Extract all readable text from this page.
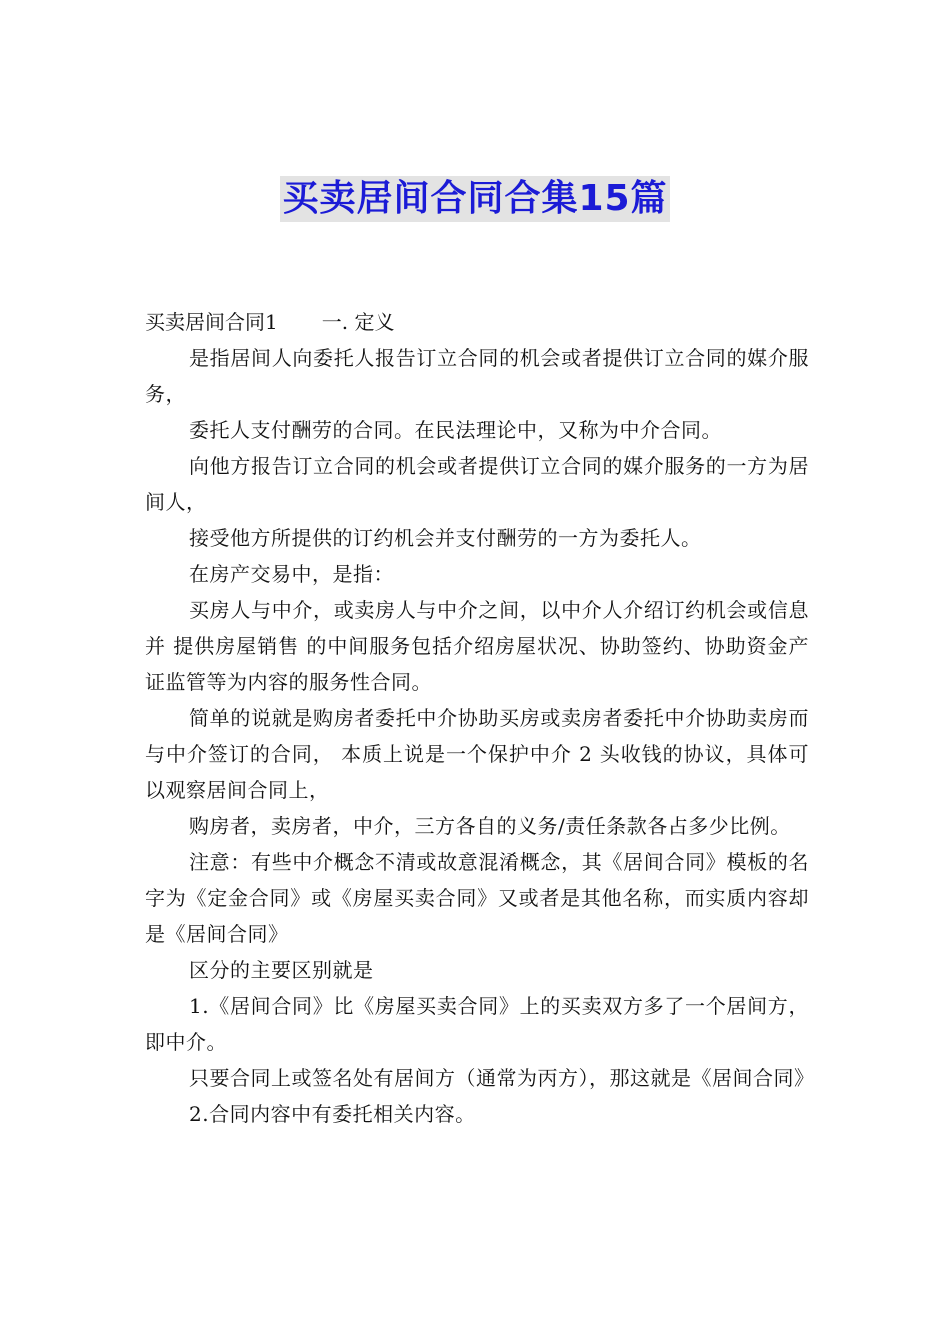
买卖居间合同合集15篇
买卖居间合同1 一. 定义

是指居间人向委托人报告订立合同的机会或者提供订立合同的媒介服务，

委托人支付酬劳的合同。在民法理论中，又称为中介合同。

向他方报告订立合同的机会或者提供订立合同的媒介服务的一方为居间人，

接受他方所提供的订约机会并支付酬劳的一方为委托人。

在房产交易中，是指：

买房人与中介，或卖房人与中介之间，以中介人介绍订约机会或信息并 提供房屋销售 的中间服务包括介绍房屋状况、协助签约、协助资金产证监管等为内容的服务性合同。

简单的说就是购房者委托中介协助买房或卖房者委托中介协助卖房而与中介签订的合同， 本质上说是一个保护中介 2 头收钱的协议，具体可以观察居间合同上，

购房者，卖房者，中介，三方各自的义务/责任条款各占多少比例。

注意：有些中介概念不清或故意混淆概念，其《居间合同》模板的名字为《定金合同》或《房屋买卖合同》又或者是其他名称，而实质内容却是《居间合同》

区分的主要区别就是

1.《居间合同》比《房屋买卖合同》上的买卖双方多了一个居间方，即中介。

只要合同上或签名处有居间方（通常为丙方），那这就是《居间合同》

2.合同内容中有委托相关内容。
